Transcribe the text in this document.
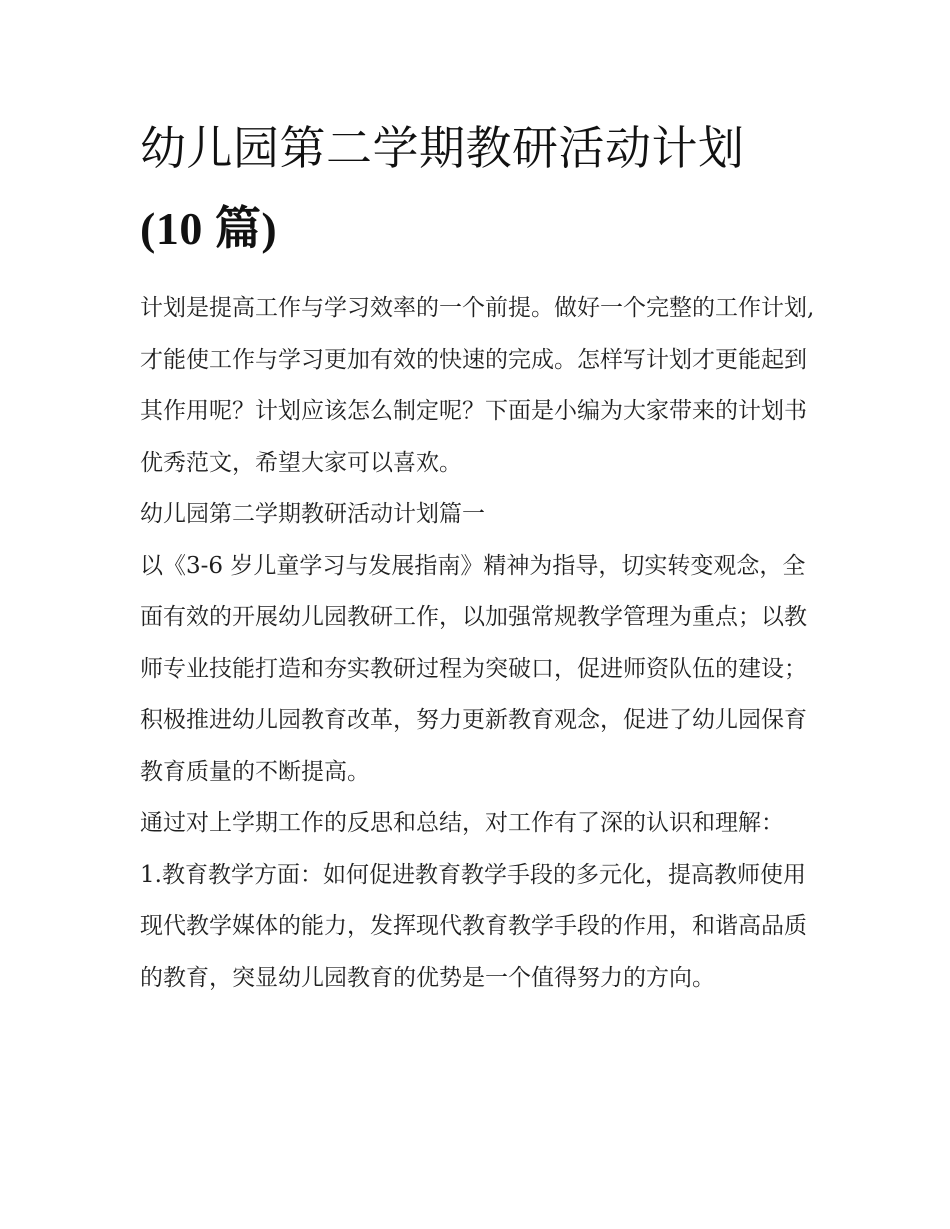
幼儿园第二学期教研活动计划
(10 篇)

计划是提高工作与学习效率的一个前提。做好一个完整的工作计划,才能使工作与学习更加有效的快速的完成。怎样写计划才更能起到其作用呢？计划应该怎么制定呢？下面是小编为大家带来的计划书优秀范文，希望大家可以喜欢。

幼儿园第二学期教研活动计划篇一

以《3-6 岁儿童学习与发展指南》精神为指导，切实转变观念，全面有效的开展幼儿园教研工作，以加强常规教学管理为重点；以教师专业技能打造和夯实教研过程为突破口，促进师资队伍的建设；积极推进幼儿园教育改革，努力更新教育观念，促进了幼儿园保育教育质量的不断提高。

通过对上学期工作的反思和总结，对工作有了深的认识和理解：

1.教育教学方面：如何促进教育教学手段的多元化，提高教师使用现代教学媒体的能力，发挥现代教育教学手段的作用，和谐高品质的教育，突显幼儿园教育的优势是一个值得努力的方向。
